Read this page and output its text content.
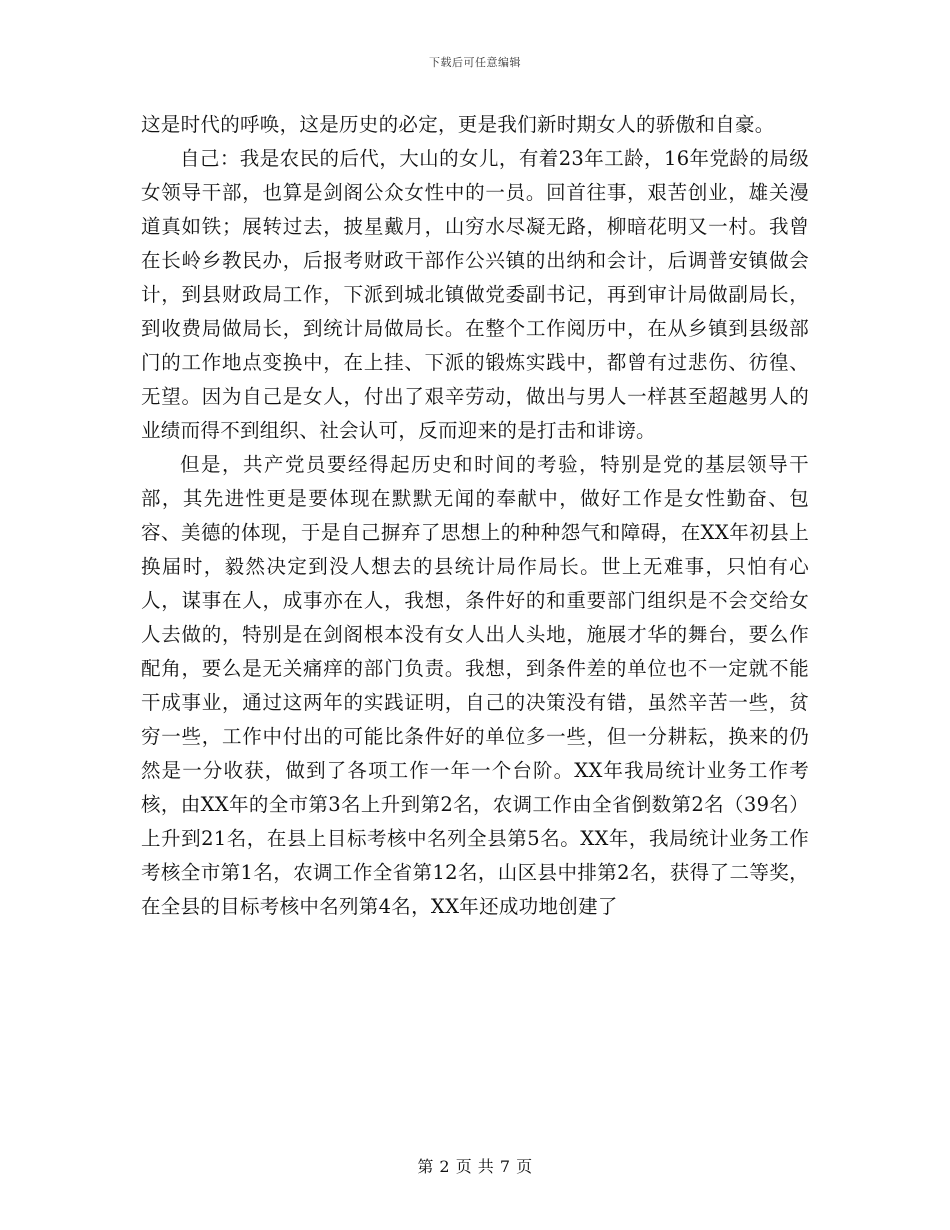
下载后可任意编辑

这是时代的呼唤，这是历史的必定，更是我们新时期女人的骄傲和自豪。

自己：我是农民的后代，大山的女儿，有着23年工龄，16年党龄的局级女领导干部，也算是剑阁公众女性中的一员。回首往事，艰苦创业，雄关漫道真如铁；展转过去，披星戴月，山穷水尽凝无路，柳暗花明又一村。我曾在长岭乡教民办，后报考财政干部作公兴镇的出纳和会计，后调普安镇做会计，到县财政局工作，下派到城北镇做党委副书记，再到审计局做副局长，到收费局做局长，到统计局做局长。在整个工作阅历中，在从乡镇到县级部门的工作地点变换中，在上挂、下派的锻炼实践中，都曾有过悲伤、彷徨、无望。因为自己是女人，付出了艰辛劳动，做出与男人一样甚至超越男人的业绩而得不到组织、社会认可，反而迎来的是打击和诽谤。

但是，共产党员要经得起历史和时间的考验，特别是党的基层领导干部，其先进性更是要体现在默默无闻的奉献中，做好工作是女性勤奋、包容、美德的体现，于是自己摒弃了思想上的种种怨气和障碍，在XX年初县上换届时，毅然决定到没人想去的县统计局作局长。世上无难事，只怕有心人，谋事在人，成事亦在人，我想，条件好的和重要部门组织是不会交给女人去做的，特别是在剑阁根本没有女人出人头地，施展才华的舞台，要么作配角，要么是无关痛痒的部门负责。我想，到条件差的单位也不一定就不能干成事业，通过这两年的实践证明，自己的决策没有错，虽然辛苦一些，贫穷一些，工作中付出的可能比条件好的单位多一些，但一分耕耘，换来的仍然是一分收获，做到了各项工作一年一个台阶。XX年我局统计业务工作考核，由XX年的全市第3名上升到第2名，农调工作由全省倒数第2名（39名）上升到21名，在县上目标考核中名列全县第5名。XX年，我局统计业务工作考核全市第1名，农调工作全省第12名，山区县中排第2名，获得了二等奖，在全县的目标考核中名列第4名，XX年还成功地创建了

第 2 页 共 7 页
